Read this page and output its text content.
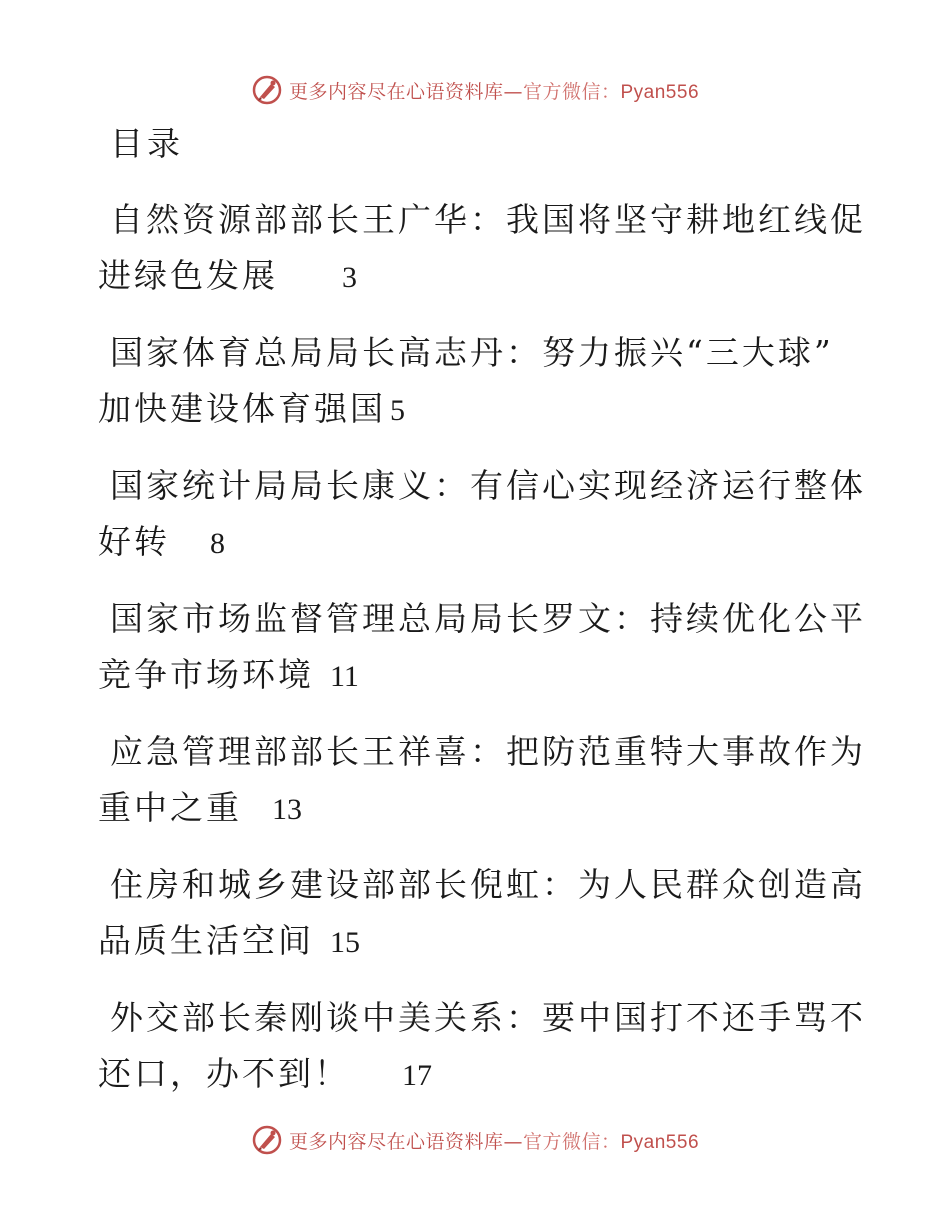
更多内容尽在心语资料库—官方微信：Pyan556
目录
自然资源部部长王广华：我国将坚守耕地红线促
进绿色发展 3
国家体育总局局长高志丹：努力振兴“三大球”
加快建设体育强国 5
国家统计局局长康义：有信心实现经济运行整体
好转 8
国家市场监督管理总局局长罗文：持续优化公平
竞争市场环境 11
应急管理部部长王祥喜：把防范重特大事故作为
重中之重 13
住房和城乡建设部部长倪虹：为人民群众创造高
品质生活空间 15
外交部长秦刚谈中美关系：要中国打不还手骂不
还口，办不到！ 17
更多内容尽在心语资料库—官方微信：Pyan556
